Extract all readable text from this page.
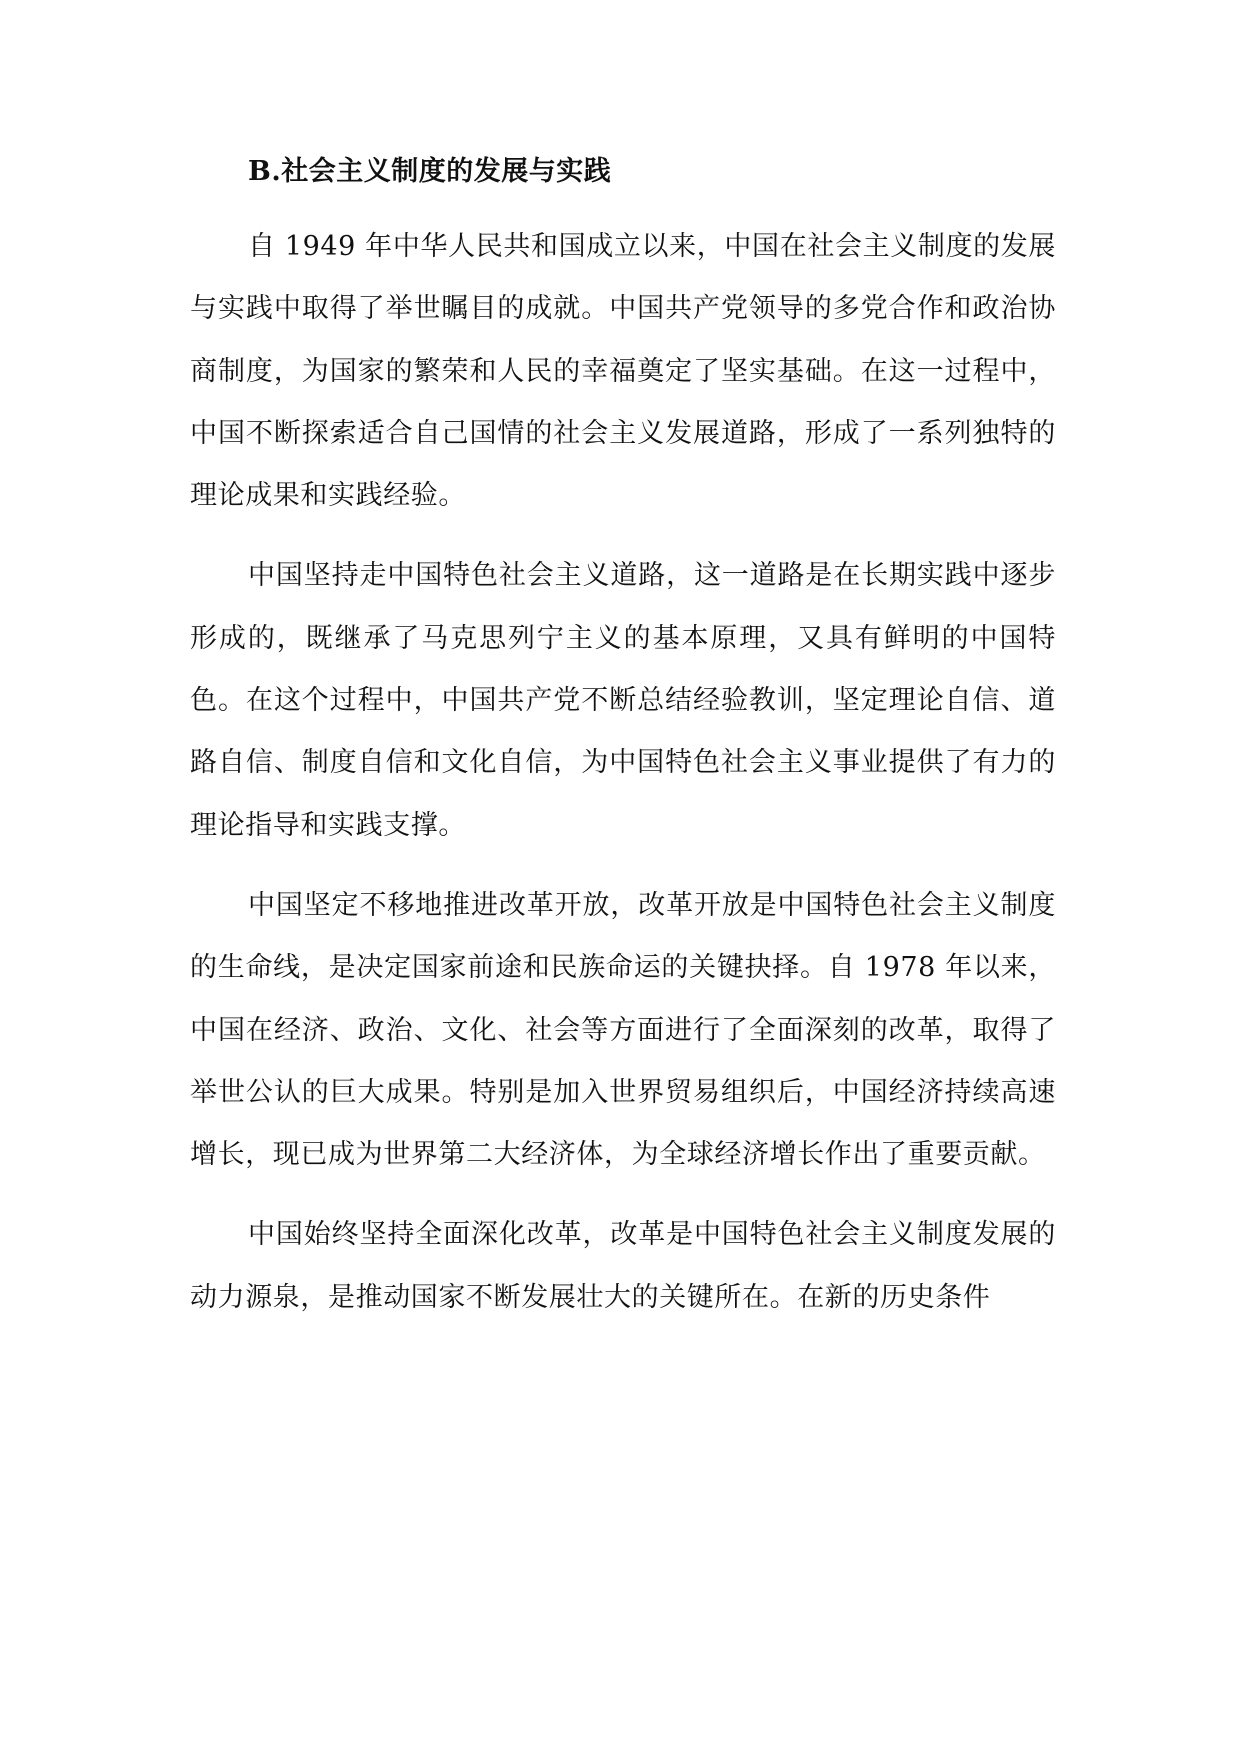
B.社会主义制度的发展与实践

自 1949 年中华人民共和国成立以来，中国在社会主义制度的发展与实践中取得了举世瞩目的成就。中国共产党领导的多党合作和政治协商制度，为国家的繁荣和人民的幸福奠定了坚实基础。在这一过程中，中国不断探索适合自己国情的社会主义发展道路，形成了一系列独特的理论成果和实践经验。

中国坚持走中国特色社会主义道路，这一道路是在长期实践中逐步形成的，既继承了马克思列宁主义的基本原理，又具有鲜明的中国特色。在这个过程中，中国共产党不断总结经验教训，坚定理论自信、道路自信、制度自信和文化自信，为中国特色社会主义事业提供了有力的理论指导和实践支撑。

中国坚定不移地推进改革开放，改革开放是中国特色社会主义制度的生命线，是决定国家前途和民族命运的关键抉择。自 1978 年以来，中国在经济、政治、文化、社会等方面进行了全面深刻的改革，取得了举世公认的巨大成果。特别是加入世界贸易组织后，中国经济持续高速增长，现已成为世界第二大经济体，为全球经济增长作出了重要贡献。

中国始终坚持全面深化改革，改革是中国特色社会主义制度发展的动力源泉，是推动国家不断发展壮大的关键所在。在新的历史条件
